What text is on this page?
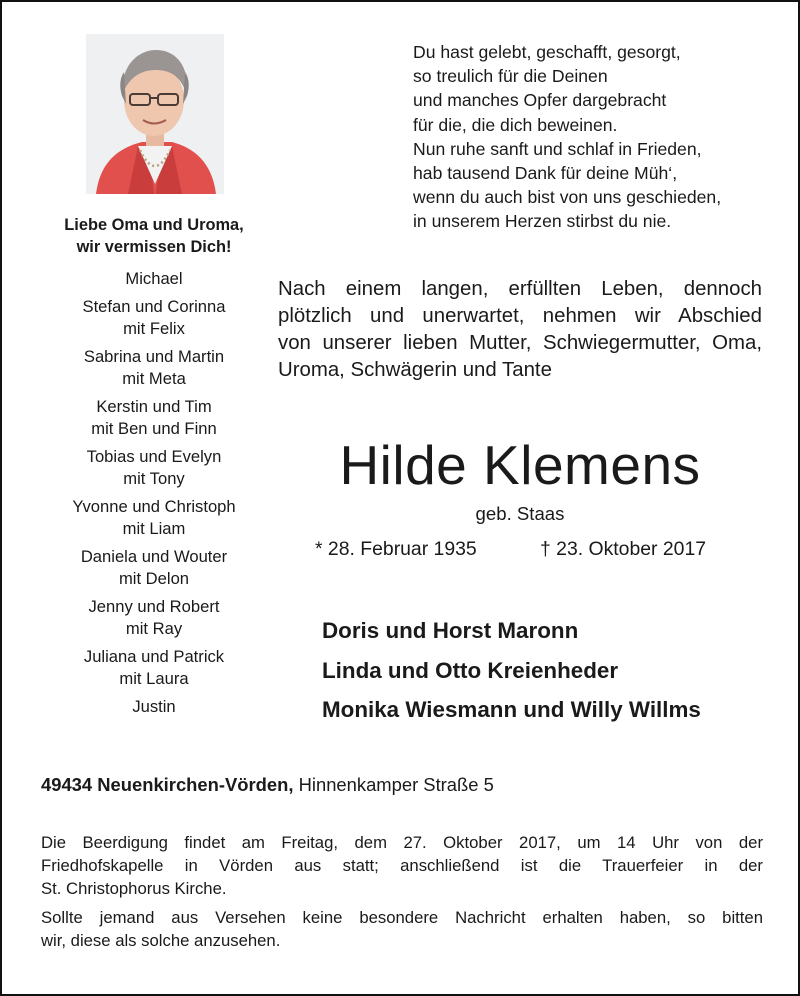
Du hast gelebt, geschafft, gesorgt,
so treulich für die Deinen
und manches Opfer dargebracht
für die, die dich beweinen.
Nun ruhe sanft und schlaf in Frieden,
hab tausend Dank für deine Müh‘,
wenn du auch bist von uns geschieden,
in unserem Herzen stirbst du nie.
Liebe Oma und Uroma,
wir vermissen Dich!
Michael
Stefan und Corinna
mit Felix
Sabrina und Martin
mit Meta
Kerstin und Tim
mit Ben und Finn
Tobias und Evelyn
mit Tony
Yvonne und Christoph
mit Liam
Daniela und Wouter
mit Delon
Jenny und Robert
mit Ray
Juliana und Patrick
mit Laura
Justin
Nach einem langen, erfüllten Leben, dennoch
plötzlich und unerwartet, nehmen wir Abschied
von unserer lieben Mutter, Schwiegermutter, Oma,
Uroma, Schwägerin und Tante
Hilde Klemens
geb. Staas
* 28. Februar 1935	† 23. Oktober 2017
Doris und Horst Maronn
Linda und Otto Kreienheder
Monika Wiesmann und Willy Willms
49434 Neuenkirchen-Vörden, Hinnenkamper Straße 5

Die Beerdigung findet am Freitag, dem 27. Oktober 2017, um 14 Uhr von der
Friedhofskapelle in Vörden aus statt; anschließend ist die Trauerfeier in der
St. Christophorus Kirche.

Sollte jemand aus Versehen keine besondere Nachricht erhalten haben, so bitten
wir, diese als solche anzusehen.
